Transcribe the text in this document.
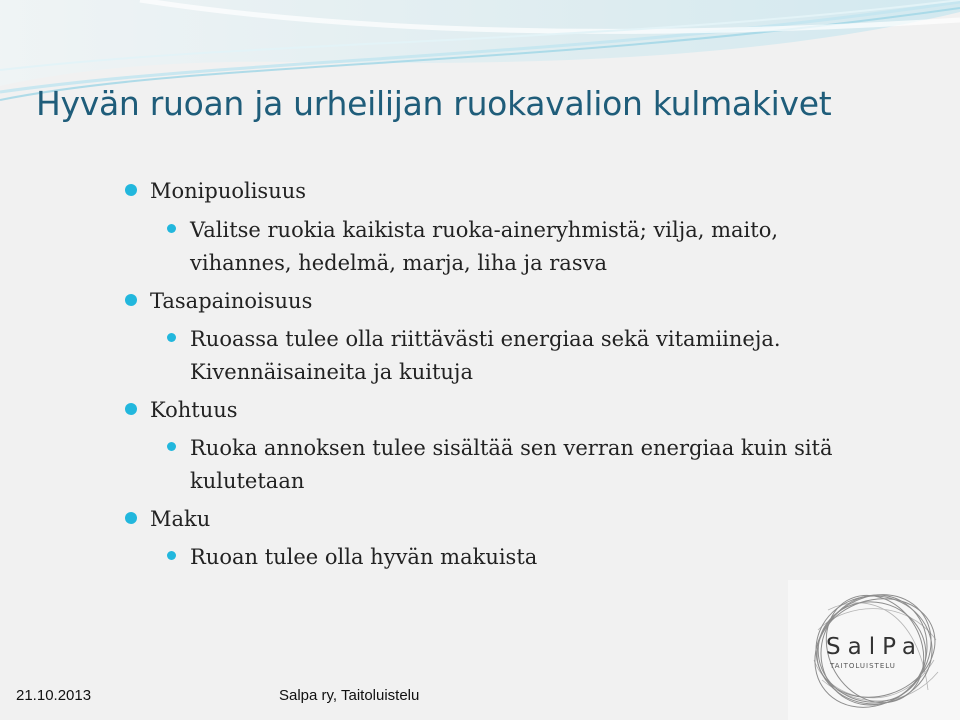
Hyvän ruoan ja urheilijan ruokavalion kulmakivet
Monipuolisuus
Valitse ruokia kaikista ruoka-aineryhmistä; vilja, maito,
vihannes, hedelmä, marja, liha ja rasva
Tasapainoisuus
Ruoassa tulee olla riittävästi energiaa sekä vitamiineja.
Kivennäisaineita ja kuituja
Kohtuus
Ruoka annoksen tulee sisältää sen verran energiaa kuin sitä
kulutetaan
Maku
Ruoan tulee olla hyvän makuista
21.10.2013	Salpa ry, Taitoluistelu
SalPa
TAITOLUISTELU
